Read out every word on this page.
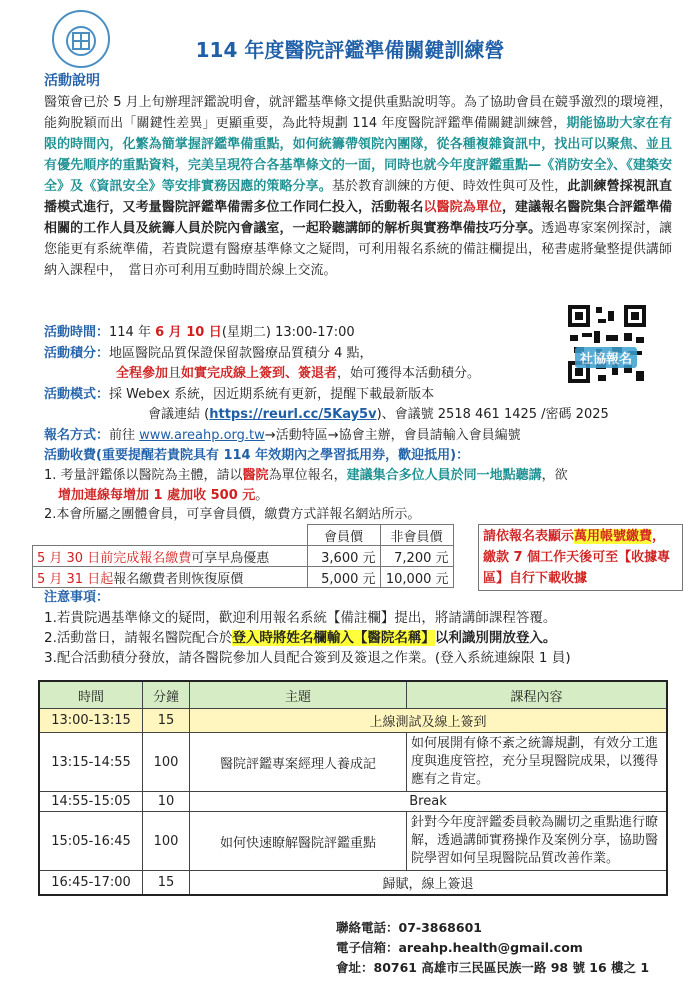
114 年度醫院評鑑準備關鍵訓練營
活動說明
醫策會已於 5 月上旬辦理評鑑說明會，就評鑑基準條文提供重點說明等。為了協助會員在競爭激烈的環境裡，能夠脫穎而出「關鍵性差異」更顯重要，為此特規劃 114 年度醫院評鑑準備關鍵訓練營，期能協助大家在有限的時間內，化繁為簡掌握評鑑準備重點，如何統籌帶領院內團隊，從各種複雜資訊中，找出可以聚焦、並且有優先順序的重點資料，完美呈現符合各基準條文的一面，同時也就今年度評鑑重點—《消防安全》、《建築安全》及《資訊安全》等安排實務因應的策略分享。基於教育訓練的方便、時效性與可及性，此訓練營採視訊直播模式進行，又考量醫院評鑑準備需多位工作同仁投入，活動報名以醫院為單位，建議報名醫院集合評鑑準備相關的工作人員及統籌人員於院內會議室，一起聆聽講師的解析與實務準備技巧分享。透過專家案例探討，讓您能更有系統準備，若貴院還有醫療基準條文之疑問，可利用報名系統的備註欄提出，秘書處將彙整提供講師納入課程中，　當日亦可利用互動時間於線上交流。
社協報名
活動時間：114 年 6 月 10 日(星期二) 13:00-17:00
活動積分：地區醫院品質保證保留款醫療品質積分 4 點，
全程參加且如實完成線上簽到、簽退者，始可獲得本活動積分。
活動模式：採 Webex 系統，因近期系統有更新，提醒下載最新版本
會議連結 (https://reurl.cc/5Kay5v)、會議號 2518 461 1425 /密碼 2025
報名方式：前往 www.areahp.org.tw→活動特區→協會主辦，會員請輸入會員編號
活動收費(重要提醒若貴院具有 114 年效期內之學習抵用券，歡迎抵用)：
1. 考量評鑑係以醫院為主體，請以醫院為單位報名，建議集合多位人員於同一地點聽講，欲
增加連線每增加 1 處加收 500 元。
2.本會所屬之團體會員，可享會員價，繳費方式詳報名網站所示。
	會員價	非會員價
5 月 30 日前完成報名繳費可享早鳥優惠	3,600 元	7,200 元
5 月 31 日起報名繳費者則恢復原價	5,000 元	10,000 元
請依報名表顯示萬用帳號繳費，繳款 7 個工作天後可至【收據專區】自行下載收據
注意事項：
1.若貴院遇基準條文的疑問，歡迎利用報名系統【備註欄】提出，將請講師課程答覆。
2.活動當日，請報名醫院配合於登入時將姓名欄輸入【醫院名稱】以利識別開放登入。
3.配合活動積分發放，請各醫院參加人員配合簽到及簽退之作業。(登入系統連線限 1 員)
時間	分鐘	主題	課程內容
13:00-13:15	15	上線測試及線上簽到	
13:15-14:55	100	醫院評鑑專案經理人養成記	如何展開有條不紊之統籌規劃，有效分工進度與進度管控，充分呈現醫院成果，以獲得應有之肯定。
14:55-15:05	10	Break	
15:05-16:45	100	如何快速瞭解醫院評鑑重點	針對今年度評鑑委員較為關切之重點進行瞭解，透過講師實務操作及案例分享，協助醫院學習如何呈現醫院品質改善作業。
16:45-17:00	15	歸賦，線上簽退	
聯絡電話：07-3868601
電子信箱：areahp.health@gmail.com
會址：80761 高雄市三民區民族一路 98 號 16 樓之 1
